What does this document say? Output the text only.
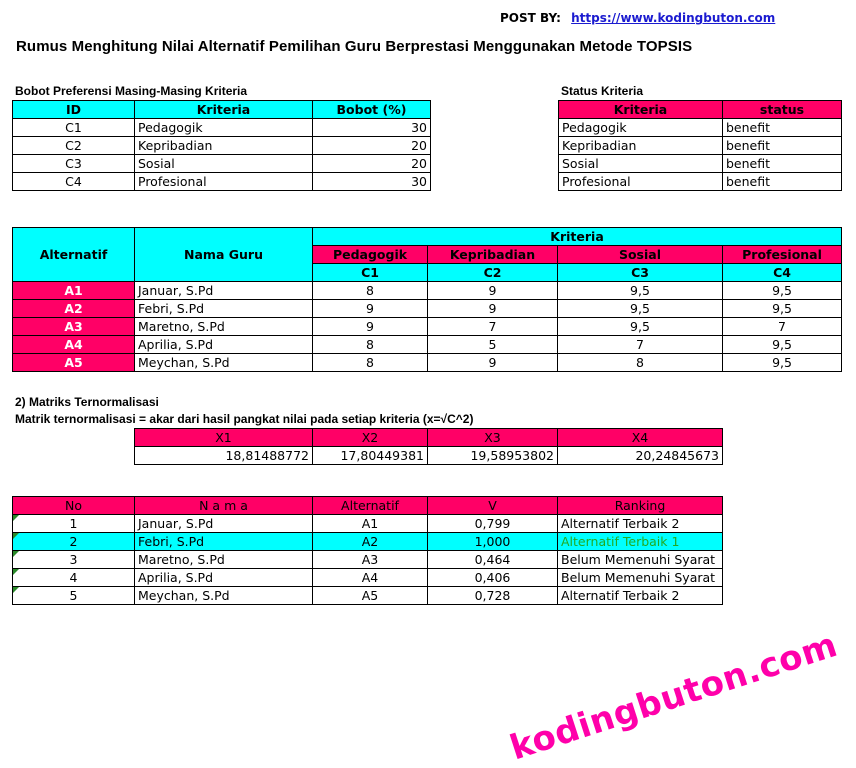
POST BY: https://www.kodingbuton.com
Rumus Menghitung Nilai Alternatif Pemilihan Guru Berprestasi Menggunakan Metode TOPSIS
Bobot Preferensi Masing-Masing Kriteria
ID	Kriteria	Bobot (%)
C1	Pedagogik	30
C2	Kepribadian	20
C3	Sosial	20
C4	Profesional	30
Status Kriteria
Kriteria	status
Pedagogik	benefit
Kepribadian	benefit
Sosial	benefit
Profesional	benefit
Alternatif	Nama Guru	Kriteria			
		Pedagogik	Kepribadian	Sosial	Profesional
		C1	C2	C3	C4
A1	Januar, S.Pd	8	9	9,5	9,5
A2	Febri, S.Pd	9	9	9,5	9,5
A3	Maretno, S.Pd	9	7	9,5	7
A4	Aprilia, S.Pd	8	5	7	9,5
A5	Meychan, S.Pd	8	9	8	9,5
2) Matriks Ternormalisasi
Matrik ternormalisasi = akar dari hasil pangkat nilai pada setiap kriteria (x=√C^2)
X1	X2	X3	X4
18,81488772	17,80449381	19,58953802	20,24845673
No	N a m a	Alternatif	V	Ranking
1	Januar, S.Pd	A1	0,799	Alternatif Terbaik 2
2	Febri, S.Pd	A2	1,000	Alternatif Terbaik 1
3	Maretno, S.Pd	A3	0,464	Belum Memenuhi Syarat
4	Aprilia, S.Pd	A4	0,406	Belum Memenuhi Syarat
5	Meychan, S.Pd	A5	0,728	Alternatif Terbaik 2
kodingbuton.com
